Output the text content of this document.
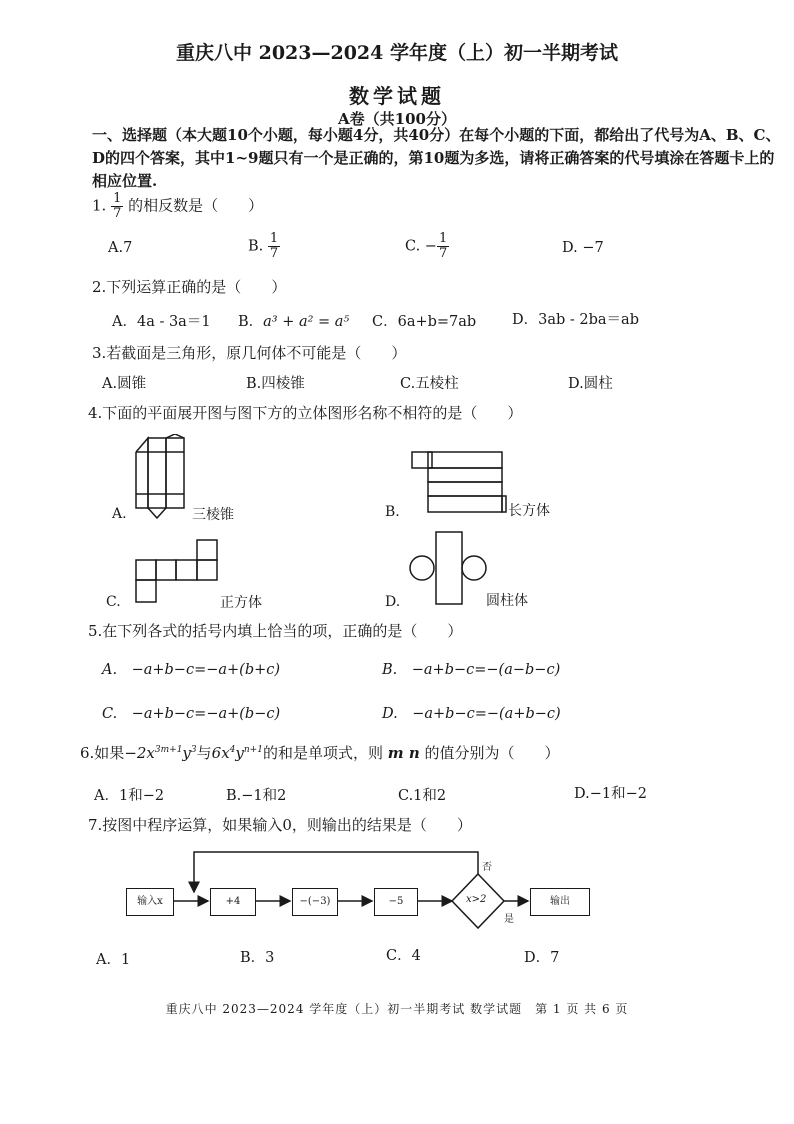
重庆八中 2023—2024 学年度（上）初一半期考试
数学试题
A卷（共100分）
一、选择题（本大题10个小题，每小题4分，共40分）在每个小题的下面，都给出了代号为A、B、C、D的四个答案，其中1~9题只有一个是正确的，第10题为多选，请将正确答案的代号填涂在答题卡上的相应位置.
1. $\frac{1}{7}$ 的相反数是（　　）
A.7	B. $\frac{1}{7}$	C. − $\frac{1}{7}$	D. −7
2.下列运算正确的是（　　）
A．4a - 3a＝1 B．a³ + a² = a⁵ C．6a+b=7ab D．3ab - 2ba＝ab
3.若截面是三角形，原几何体不可能是（　　）
A.圆锥	B.四棱锥	C.五棱柱	D.圆柱
4.下面的平面展开图与图下方的立体图形名称不相符的是（　　）
A.	三棱锥	B.	长方体
C.	正方体	D.	圆柱体
5.在下列各式的括号内填上恰当的项，正确的是（　　）
A.　−a+b−c=−a+(b+c)	B.　−a+b−c=−(a−b−c)
C.　−a+b−c=−a+(b−c)	D.　−a+b−c=−(a+b−c)
6.如果$-2x^{3m+1}y^3$与$6x^4y^{n+1}$的和是单项式，则 m n 的值分别为（　　）
A．1和−2	B.−1和2	C.1和2	D.−1和−2
7.按图中程序运算，如果输入0，则输出的结果是（　　）
输入x	+4	−(−3)	−5	x>2	输出
否
是
A．1	B．3	C．4	D．7
重庆八中 2023—2024 学年度（上）初一半期考试 数学试题　第 1 页 共 6 页
